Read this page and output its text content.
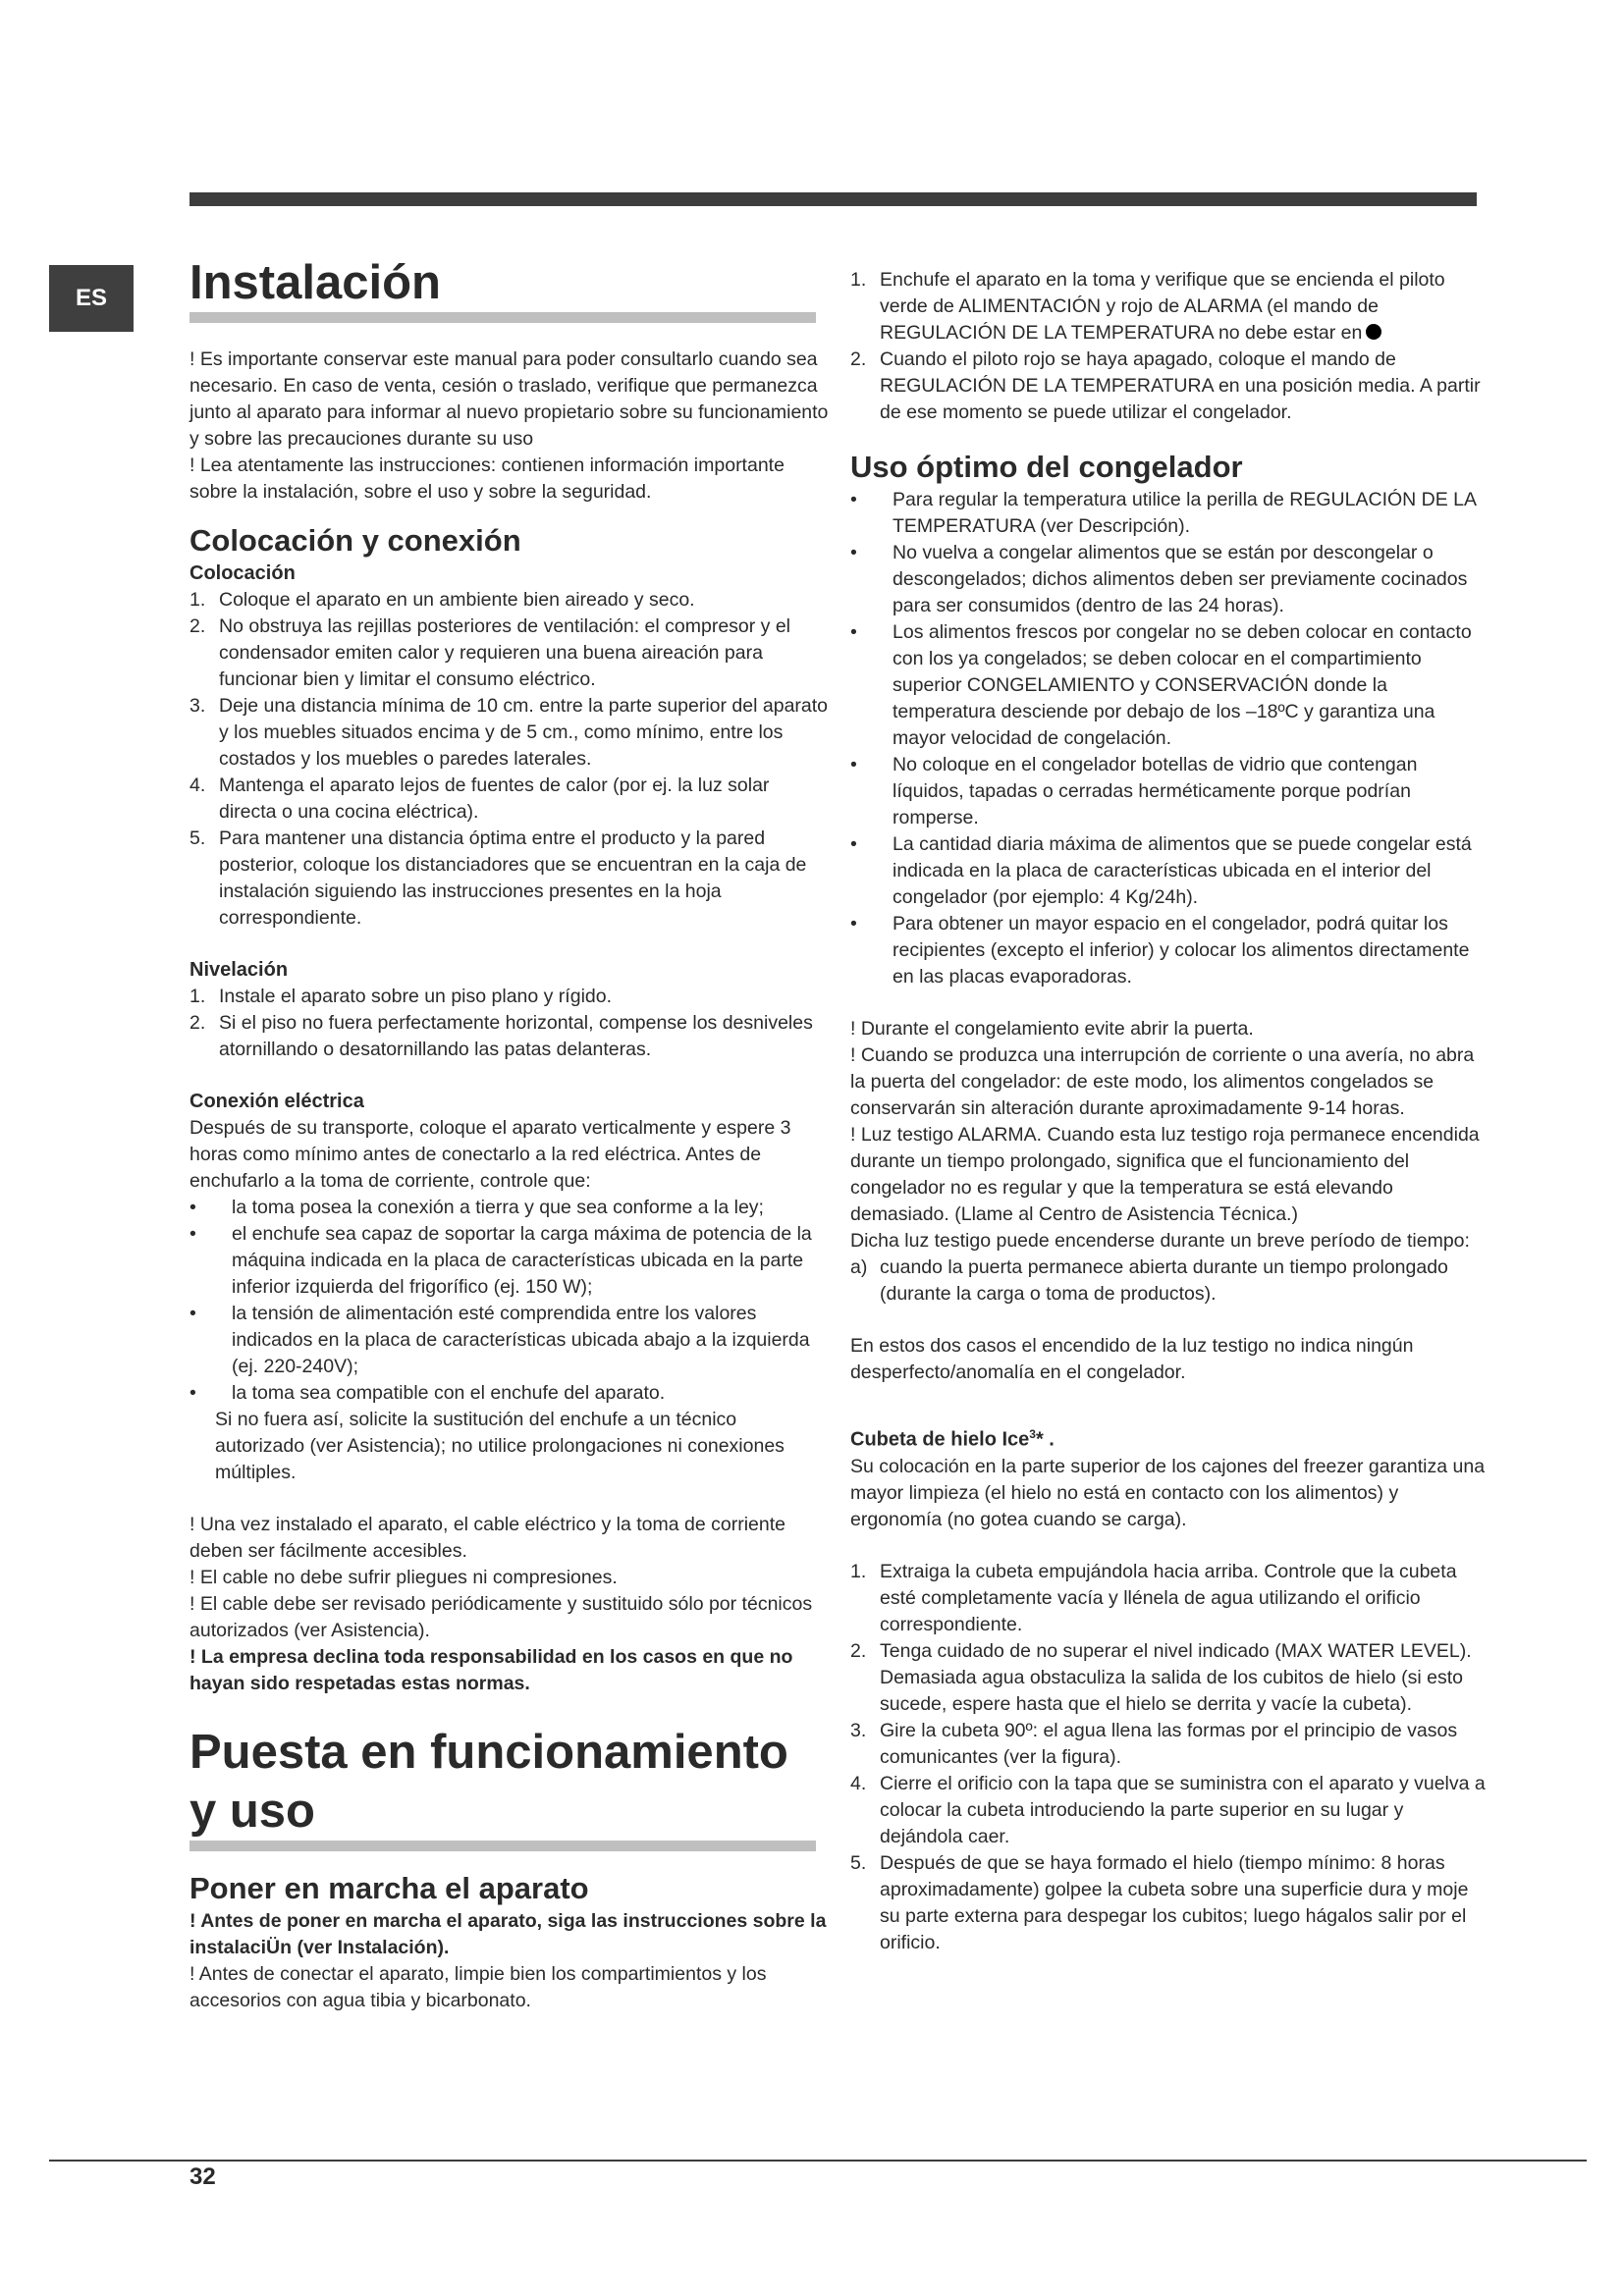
ES	Instalación

! Es importante conservar este manual para poder consultarlo cuando sea necesario. En caso de venta, cesión o traslado, verifique que permanezca junto al aparato para informar al nuevo propietario sobre su funcionamiento y sobre las precauciones durante su uso

! Lea atentamente las instrucciones: contienen información importante sobre la instalación, sobre el uso y sobre la seguridad.

Colocación y conexión
Colocación
1. Coloque el aparato en un ambiente bien aireado y seco.
2. No obstruya las rejillas posteriores de ventilación: el compresor y el condensador emiten calor y requieren una buena aireación para funcionar bien y limitar el consumo eléctrico.
3. Deje una distancia mínima de 10 cm. entre la parte superior del aparato y los muebles situados encima y de 5 cm., como mínimo, entre los costados y los muebles o paredes laterales.
4. Mantenga el aparato lejos de fuentes de calor (por ej. la luz solar directa o una cocina eléctrica).
5. Para mantener una distancia óptima entre el producto y la pared posterior, coloque los distanciadores que se encuentran en la caja de instalación siguiendo las instrucciones presentes en la hoja correspondiente.
Nivelación
1. Instale el aparato sobre un piso plano y rígido.
2. Si el piso no fuera perfectamente horizontal, compense los desniveles atornillando o desatornillando las patas delanteras.
Conexión eléctrica

Después de su transporte, coloque el aparato verticalmente y espere 3 horas como mínimo antes de conectarlo a la red eléctrica. Antes de enchufarlo a la toma de corriente, controle que:

• la toma posea la conexión a tierra y que sea conforme a la ley;
• el enchufe sea capaz de soportar la carga máxima de potencia de la máquina indicada en la placa de características ubicada en la parte inferior izquierda del frigorífico (ej. 150 W);
• la tensión de alimentación esté comprendida entre los valores indicados en la placa de características ubicada abajo a la izquierda (ej. 220-240V);
• la toma sea compatible con el enchufe del aparato.

Si no fuera así, solicite la sustitución del enchufe a un técnico autorizado (ver Asistencia); no utilice prolongaciones ni conexiones múltiples.

! Una vez instalado el aparato, el cable eléctrico y la toma de corriente deben ser fácilmente accesibles.

! El cable no debe sufrir pliegues ni compresiones.

! El cable debe ser revisado periódicamente y sustituido sólo por técnicos autorizados (ver Asistencia).

! La empresa declina toda responsabilidad en los casos en que no hayan sido respetadas estas normas.

Puesta en funcionamiento y uso
Poner en marcha el aparato

! Antes de poner en marcha el aparato, siga las instrucciones sobre la instalaciÜn (ver Instalación).

! Antes de conectar el aparato, limpie bien los compartimientos y los accesorios con agua tibia y bicarbonato.

1. Enchufe el aparato en la toma y verifique que se encienda el piloto verde de ALIMENTACIÓN y rojo de ALARMA (el mando de REGULACIÓN DE LA TEMPERATURA no debe estar en
2. Cuando el piloto rojo se haya apagado, coloque el mando de REGULACIÓN DE LA TEMPERATURA en una posición media. A partir de ese momento se puede utilizar el congelador.
Uso óptimo del congelador
• Para regular la temperatura utilice la perilla de REGULACIÓN DE LA TEMPERATURA (ver Descripción).
• No vuelva a congelar alimentos que se están por descongelar o descongelados; dichos alimentos deben ser previamente cocinados para ser consumidos (dentro de las 24 horas).
• Los alimentos frescos por congelar no se deben colocar en contacto con los ya congelados; se deben colocar en el compartimiento superior CONGELAMIENTO y CONSERVACIÓN donde la temperatura desciende por debajo de los –18ºC y garantiza una mayor velocidad de congelación.
• No coloque en el congelador botellas de vidrio que contengan líquidos, tapadas o cerradas herméticamente porque podrían romperse.
• La cantidad diaria máxima de alimentos que se puede congelar está indicada en la placa de características ubicada en el interior del congelador (por ejemplo: 4 Kg/24h).
• Para obtener un mayor espacio en el congelador, podrá quitar los recipientes (excepto el inferior) y colocar los alimentos directamente en las placas evaporadoras.

! Durante el congelamiento evite abrir la puerta.

! Cuando se produzca una interrupción de corriente o una avería, no abra la puerta del congelador: de este modo, los alimentos congelados se conservarán sin alteración durante aproximadamente 9-14 horas.

! Luz testigo ALARMA. Cuando esta luz testigo roja permanece encendida durante un tiempo prolongado, significa que el funcionamiento del congelador no es regular y que la temperatura se está elevando demasiado. (Llame al Centro de Asistencia Técnica.)

Dicha luz testigo puede encenderse durante un breve período de tiempo:

a) cuando la puerta permanece abierta durante un tiempo prolongado (durante la carga o toma de productos).

En estos dos casos el encendido de la luz testigo no indica ningún desperfecto/anomalía en el congelador.

Cubeta de hielo Ice$^3$* .

Su colocación en la parte superior de los cajones del freezer garantiza una mayor limpieza (el hielo no está en contacto con los alimentos) y ergonomía (no gotea cuando se carga).

1. Extraiga la cubeta empujándola hacia arriba. Controle que la cubeta esté completamente vacía y llénela de agua utilizando el orificio correspondiente.
2. Tenga cuidado de no superar el nivel indicado (MAX WATER LEVEL). Demasiada agua obstaculiza la salida de los cubitos de hielo (si esto sucede, espere hasta que el hielo se derrita y vacíe la cubeta).
3. Gire la cubeta 90º: el agua llena las formas por el principio de vasos comunicantes (ver la figura).
4. Cierre el orificio con la tapa que se suministra con el aparato y vuelva a colocar la cubeta introduciendo la parte superior en su lugar y dejándola caer.
5. Después de que se haya formado el hielo (tiempo mínimo: 8 horas aproximadamente) golpee la cubeta sobre una superficie dura y moje su parte externa para despegar los cubitos; luego hágalos salir por el orificio.
32
